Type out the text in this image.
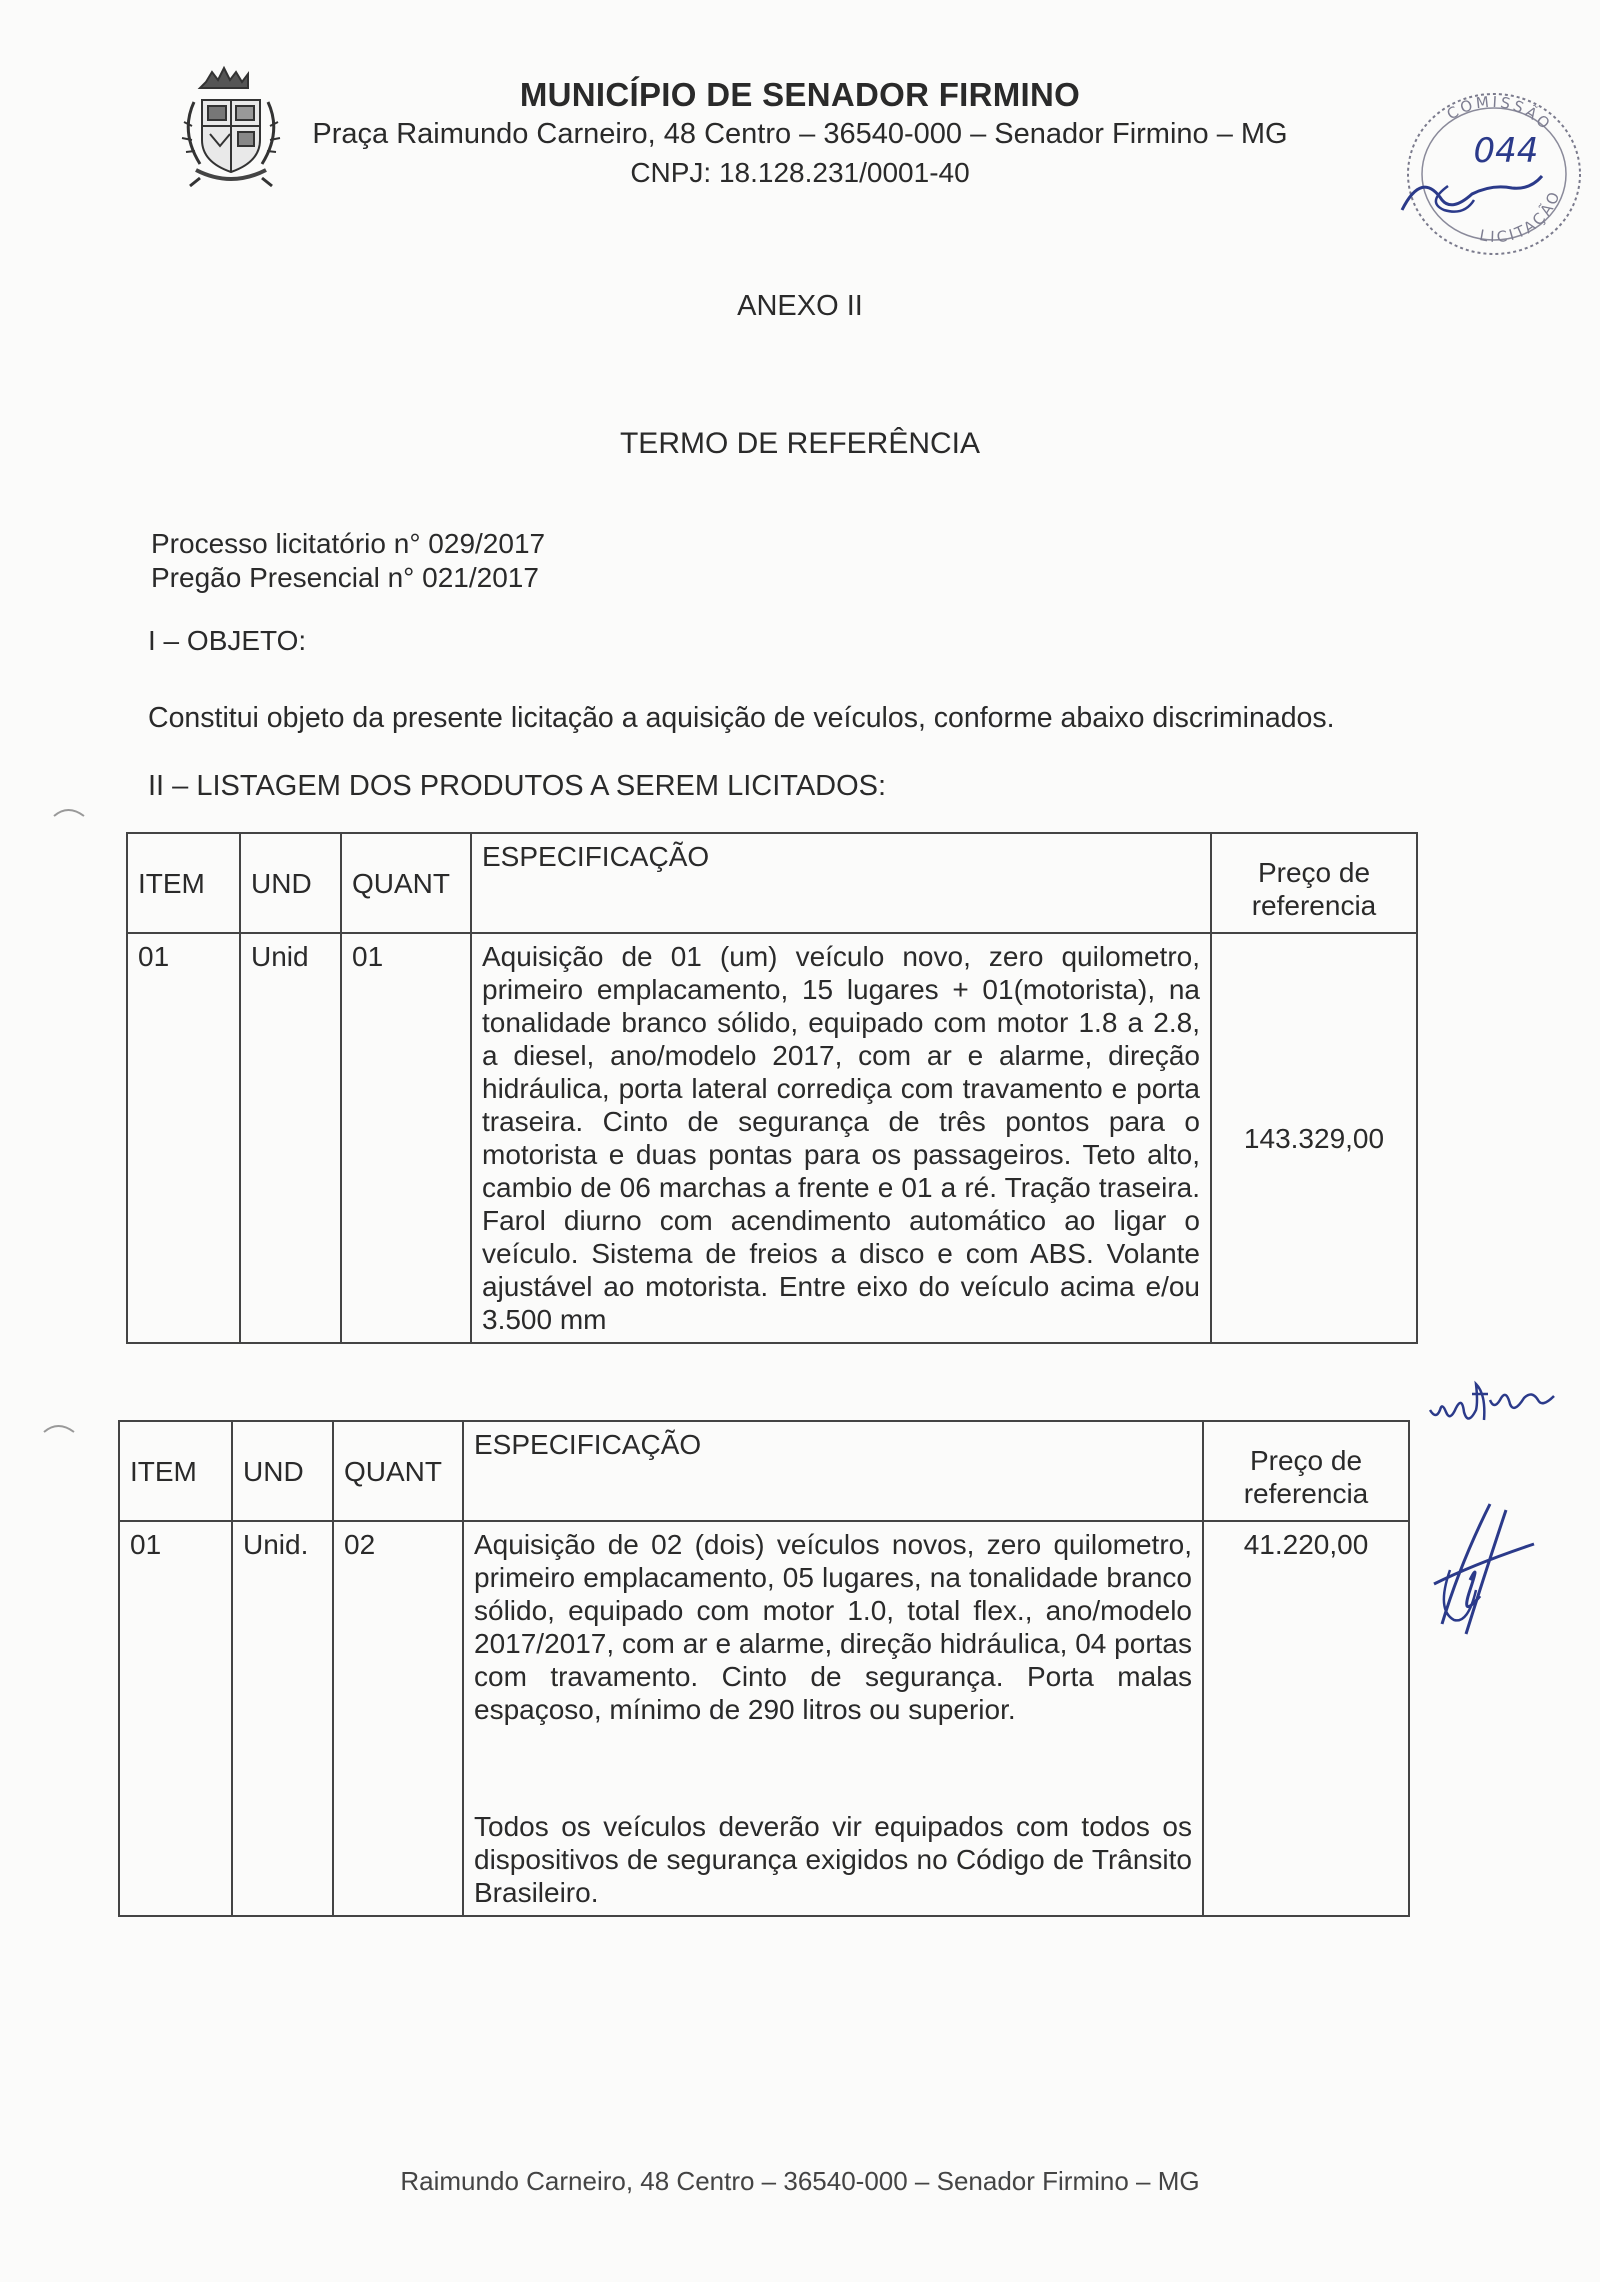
MUNICÍPIO DE SENADOR FIRMINO
Praça Raimundo Carneiro, 48 Centro – 36540-000 – Senador Firmino – MG
CNPJ: 18.128.231/0001-40
COMISSÃO
LICITAÇÃO
044
ANEXO II
TERMO DE REFERÊNCIA
Processo licitatório n° 029/2017
Pregão Presencial n° 021/2017
I – OBJETO:
Constitui objeto da presente licitação a aquisição de veículos, conforme abaixo discriminados.
II – LISTAGEM DOS PRODUTOS A SEREM LICITADOS:
ITEM	UND	QUANT	ESPECIFICAÇÃO	Preço de referencia
01	Unid	01	Aquisição de 01 (um) veículo novo, zero quilometro, primeiro emplacamento, 15 lugares + 01(motorista), na tonalidade branco sólido, equipado com motor 1.8 a 2.8, a diesel, ano/modelo 2017, com ar e alarme, direção hidráulica, porta lateral corrediça com travamento e porta traseira. Cinto de segurança de três pontos para o motorista e duas pontas para os passageiros. Teto alto, cambio de 06 marchas a frente e 01 a ré. Tração traseira. Farol diurno com acendimento automático ao ligar o veículo. Sistema de freios a disco e com ABS. Volante ajustável ao motorista. Entre eixo do veículo acima e/ou 3.500 mm	143.329,00
ITEM	UND	QUANT	ESPECIFICAÇÃO	Preço de referencia
01	Unid.	02	Aquisição de 02 (dois) veículos novos, zero quilometro, primeiro emplacamento, 05 lugares, na tonalidade branco sólido, equipado com motor 1.0, total flex., ano/modelo 2017/2017, com ar e alarme, direção hidráulica, 04 portas com travamento. Cinto de segurança. Porta malas espaçoso, mínimo de 290 litros ou superior.
Todos os veículos deverão vir equipados com todos os dispositivos de segurança exigidos no Código de Trânsito Brasileiro.	41.220,00
Raimundo Carneiro, 48 Centro – 36540-000 – Senador Firmino – MG
